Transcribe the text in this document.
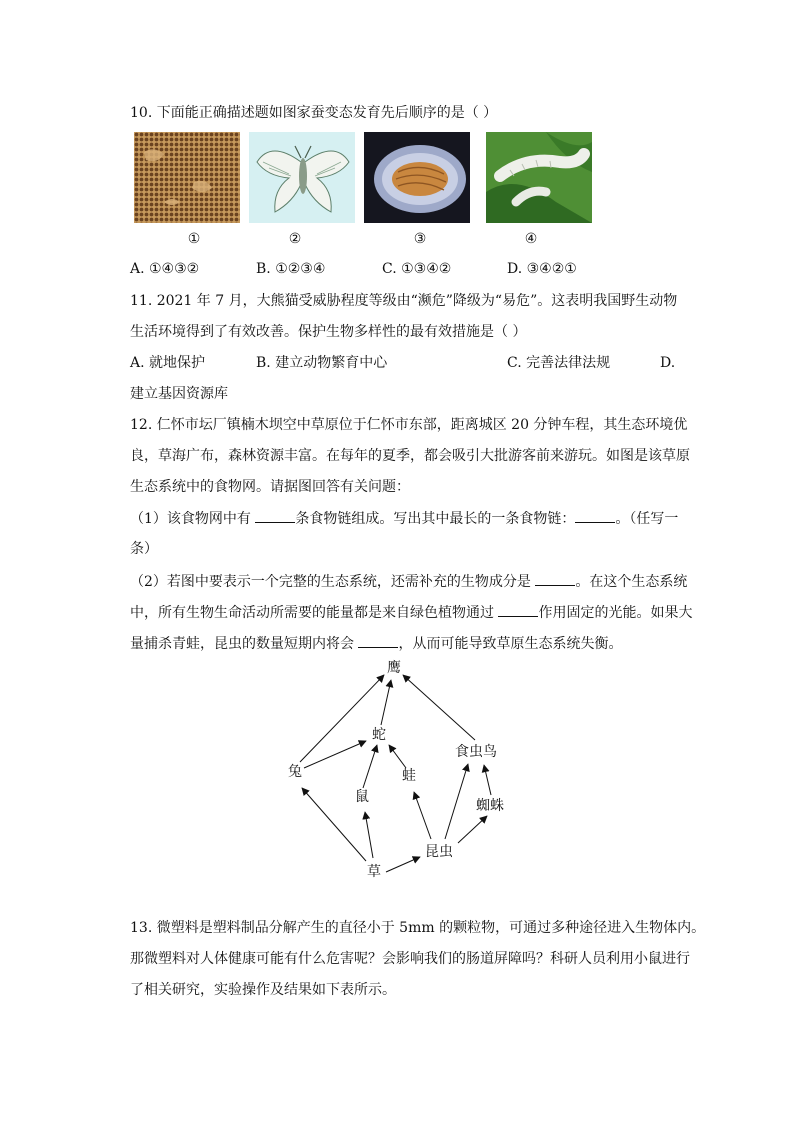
10. 下面能正确描述题如图家蚕变态发育先后顺序的是（ ）
①	②	③	④
A. ①④③②	B. ①②③④	C. ①③④②	D. ③④②①
11. 2021 年 7 月，大熊猫受威胁程度等级由“濒危”降级为“易危”。这表明我国野生动物
生活环境得到了有效改善。保护生物多样性的最有效措施是（ ）
A. 就地保护	B. 建立动物繁育中心	C. 完善法律法规	D.
建立基因资源库
12. 仁怀市坛厂镇楠木坝空中草原位于仁怀市东部，距离城区 20 分钟车程，其生态环境优
良，草海广布，森林资源丰富。在每年的夏季，都会吸引大批游客前来游玩。如图是该草原
生态系统中的食物网。请据图回答有关问题：
（1）该食物网中有	条食物链组成。写出其中最长的一条食物链：	。（任写一
条）
（2）若图中要表示一个完整的生态系统，还需补充的生物成分是	。在这个生态系统
中，所有生物生命活动所需要的能量都是来自绿色植物通过	作用固定的光能。如果大
量捕杀青蛙，昆虫的数量短期内将会	，从而可能导致草原生态系统失衡。
鹰
蛇
兔
食虫鸟
蛙
鼠
蜘蛛
昆虫
草
13. 微塑料是塑料制品分解产生的直径小于 5mm 的颗粒物，可通过多种途径进入生物体内。
那微塑料对人体健康可能有什么危害呢？会影响我们的肠道屏障吗？科研人员利用小鼠进行
了相关研究，实验操作及结果如下表所示。
